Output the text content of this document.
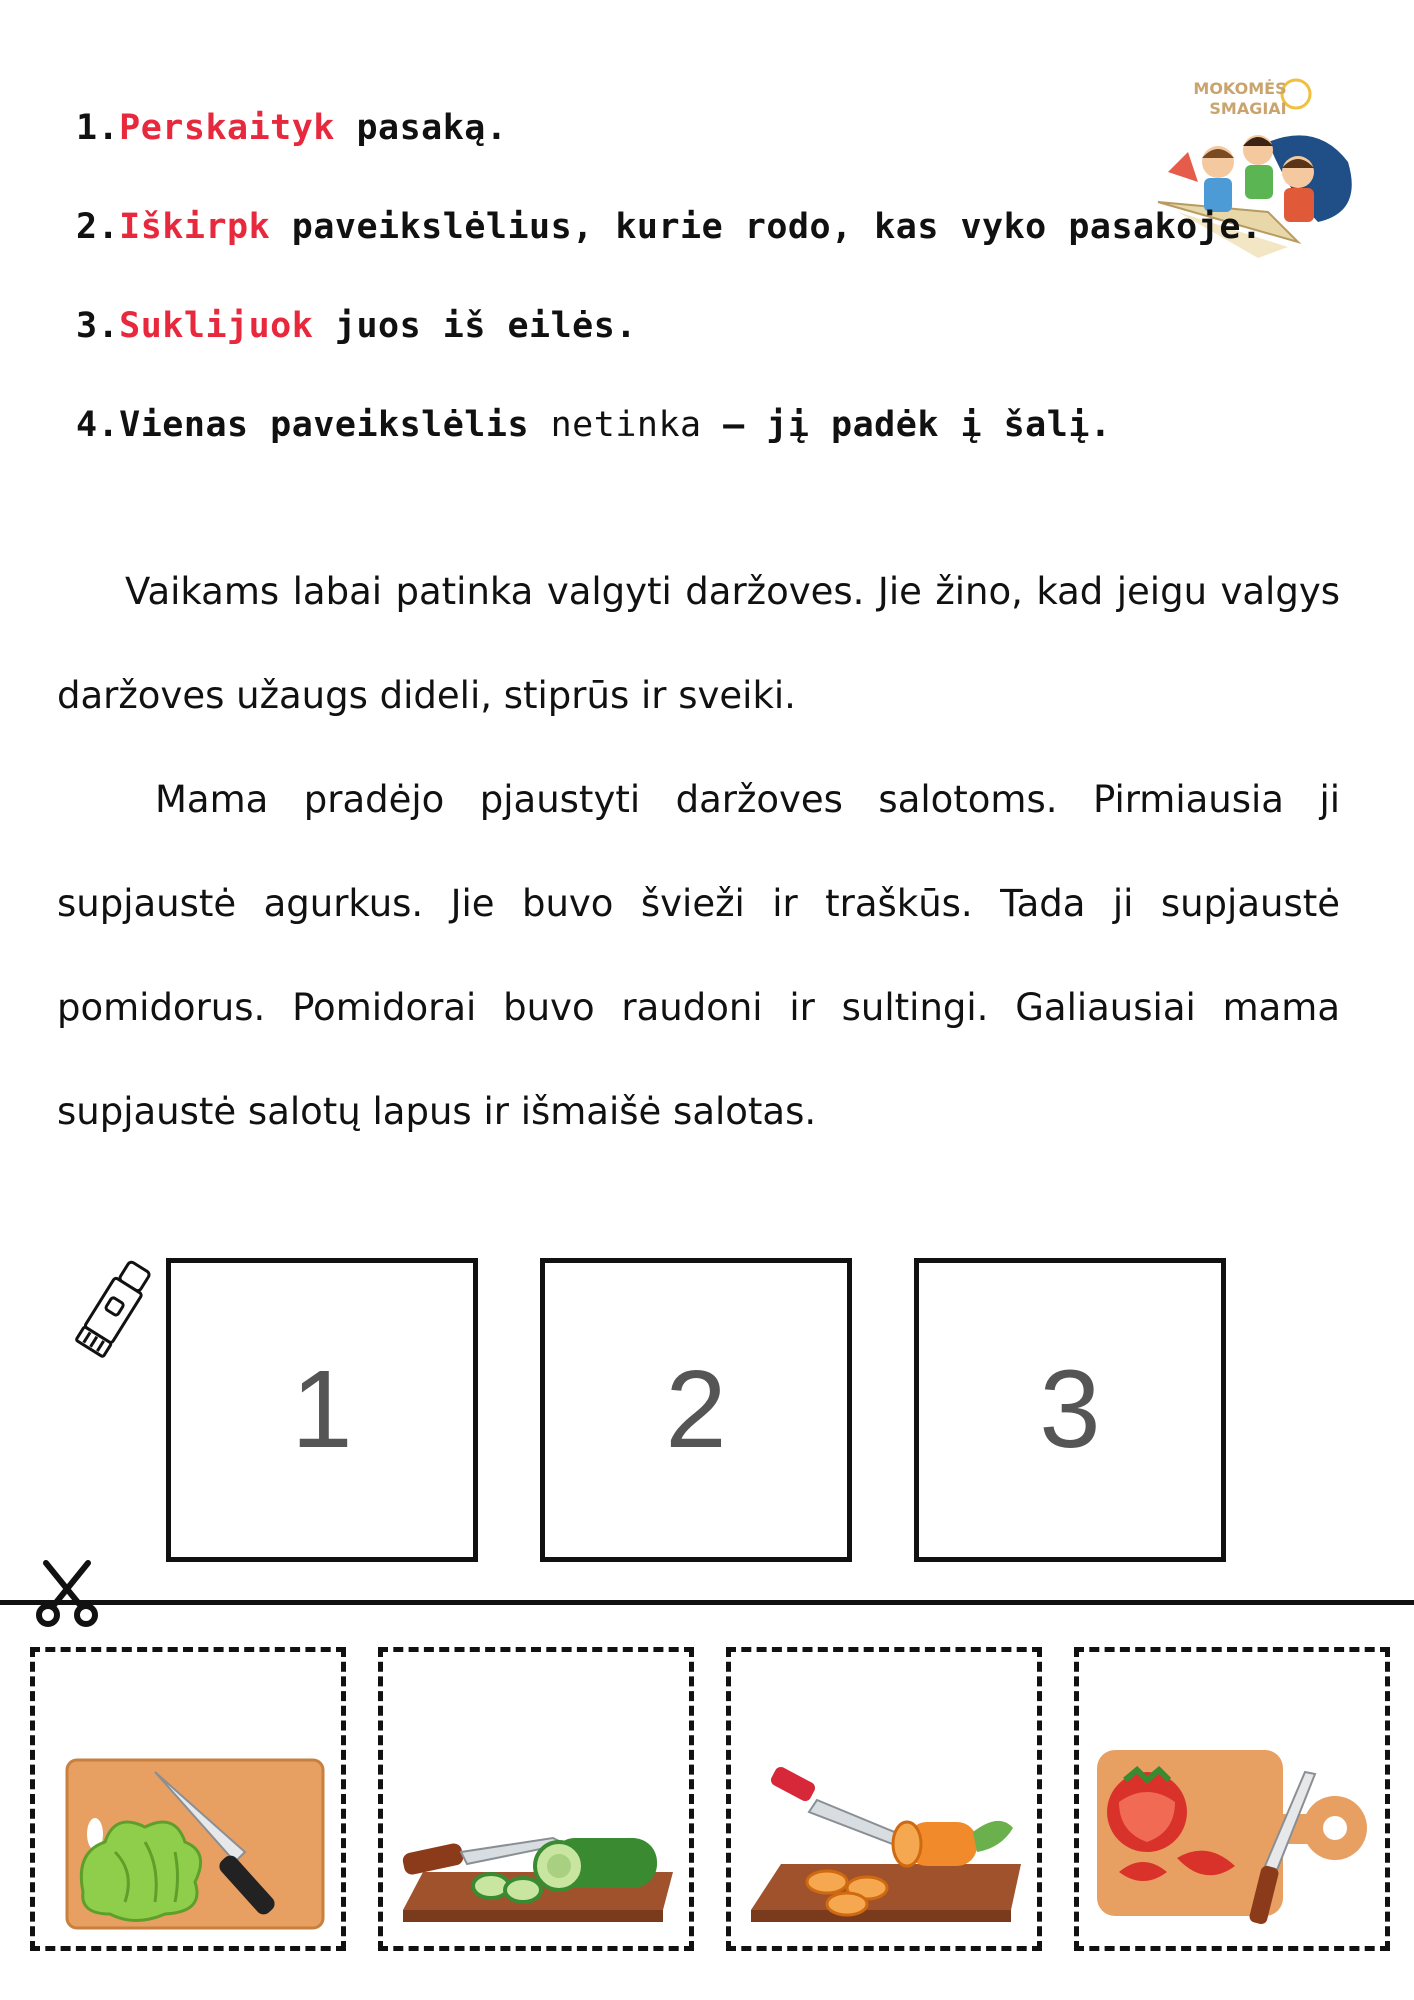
MOKOMĖS
SMAGIAI
1.Perskaityk pasaką.
2.Iškirpk paveikslėlius, kurie rodo, kas vyko pasakoje.
3.Suklijuok juos iš eilės.
4.Vienas paveikslėlis netinka – jį padėk į šalį.

Vaikams labai patinka valgyti daržoves. Jie žino, kad jeigu valgys daržoves užaugs dideli, stiprūs ir sveiki.

Mama pradėjo pjaustyti daržoves salotoms. Pirmiausia ji supjaustė agurkus. Jie buvo švieži ir traškūs. Tada ji supjaustė pomidorus. Pomidorai buvo raudoni ir sultingi. Galiausiai mama supjaustė salotų lapus ir išmaišė salotas.

1	2	3
